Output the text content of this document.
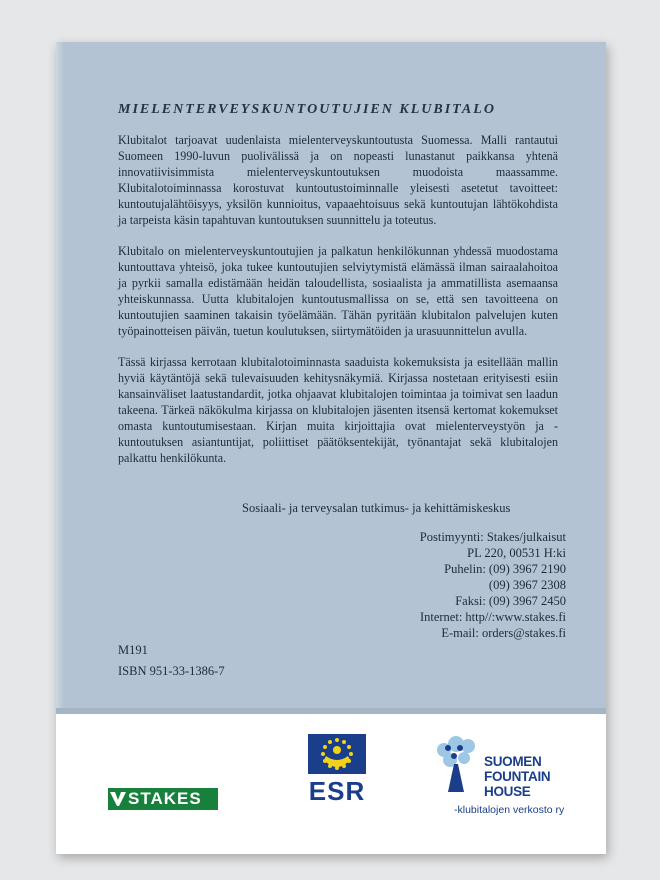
MIELENTERVEYSKUNTOUTUJIEN KLUBITALO

Klubitalot tarjoavat uudenlaista mielenterveyskuntoutusta Suomessa. Malli rantautui Suomeen 1990-luvun puolivälissä ja on nopeasti lunastanut paikkansa yhtenä innovatiivisimmista mielenterveyskuntoutuksen muodoista maassamme. Klubitalotoiminnassa korostuvat kuntoutustoiminnalle yleisesti asetetut tavoitteet: kuntoutujalähtöisyys, yksilön kunnioitus, vapaaehtoisuus sekä kuntoutujan lähtökohdista ja tarpeista käsin tapahtuvan kuntoutuksen suunnittelu ja toteutus.

Klubitalo on mielenterveyskuntoutujien ja palkatun henkilökunnan yhdessä muodostama kuntouttava yhteisö, joka tukee kuntoutujien selviytymistä elämässä ilman sairaalahoitoa ja pyrkii samalla edistämään heidän taloudellista, sosiaalista ja ammatillista asemaansa yhteiskunnassa. Uutta klubitalojen kuntoutusmallissa on se, että sen tavoitteena on kuntoutujien saaminen takaisin työelämään. Tähän pyritään klubitalon palvelujen kuten työpainotteisen päivän, tuetun koulutuksen, siirtymätöiden ja urasuunnittelun avulla.

Tässä kirjassa kerrotaan klubitalotoiminnasta saaduista kokemuksista ja esitellään mallin hyviä käytäntöjä sekä tulevaisuuden kehitysnäkymiä. Kirjassa nostetaan erityisesti esiin kansainväliset laatustandardit, jotka ohjaavat klubitalojen toimintaa ja toimivat sen laadun takeena. Tärkeä näkökulma kirjassa on klubitalojen jäsenten itsensä kertomat kokemukset omasta kuntoutumisestaan. Kirjan muita kirjoittajia ovat mielenterveystyön ja -kuntoutuksen asiantuntijat, poliittiset päätöksentekijät, työnantajat sekä klubitalojen palkattu henkilökunta.

Sosiaali- ja terveysalan tutkimus- ja kehittämiskeskus
Postimyynti: Stakes/julkaisut
PL 220, 00531 H:ki
Puhelin: (09) 3967 2190
(09) 3967 2308
Faksi: (09) 3967 2450
Internet: http//:www.stakes.fi
E-mail: orders@stakes.fi
M191
ISBN 951-33-1386-7
STAKES	ESR
SUOMEN
FOUNTAIN
HOUSE
-klubitalojen verkosto ry
